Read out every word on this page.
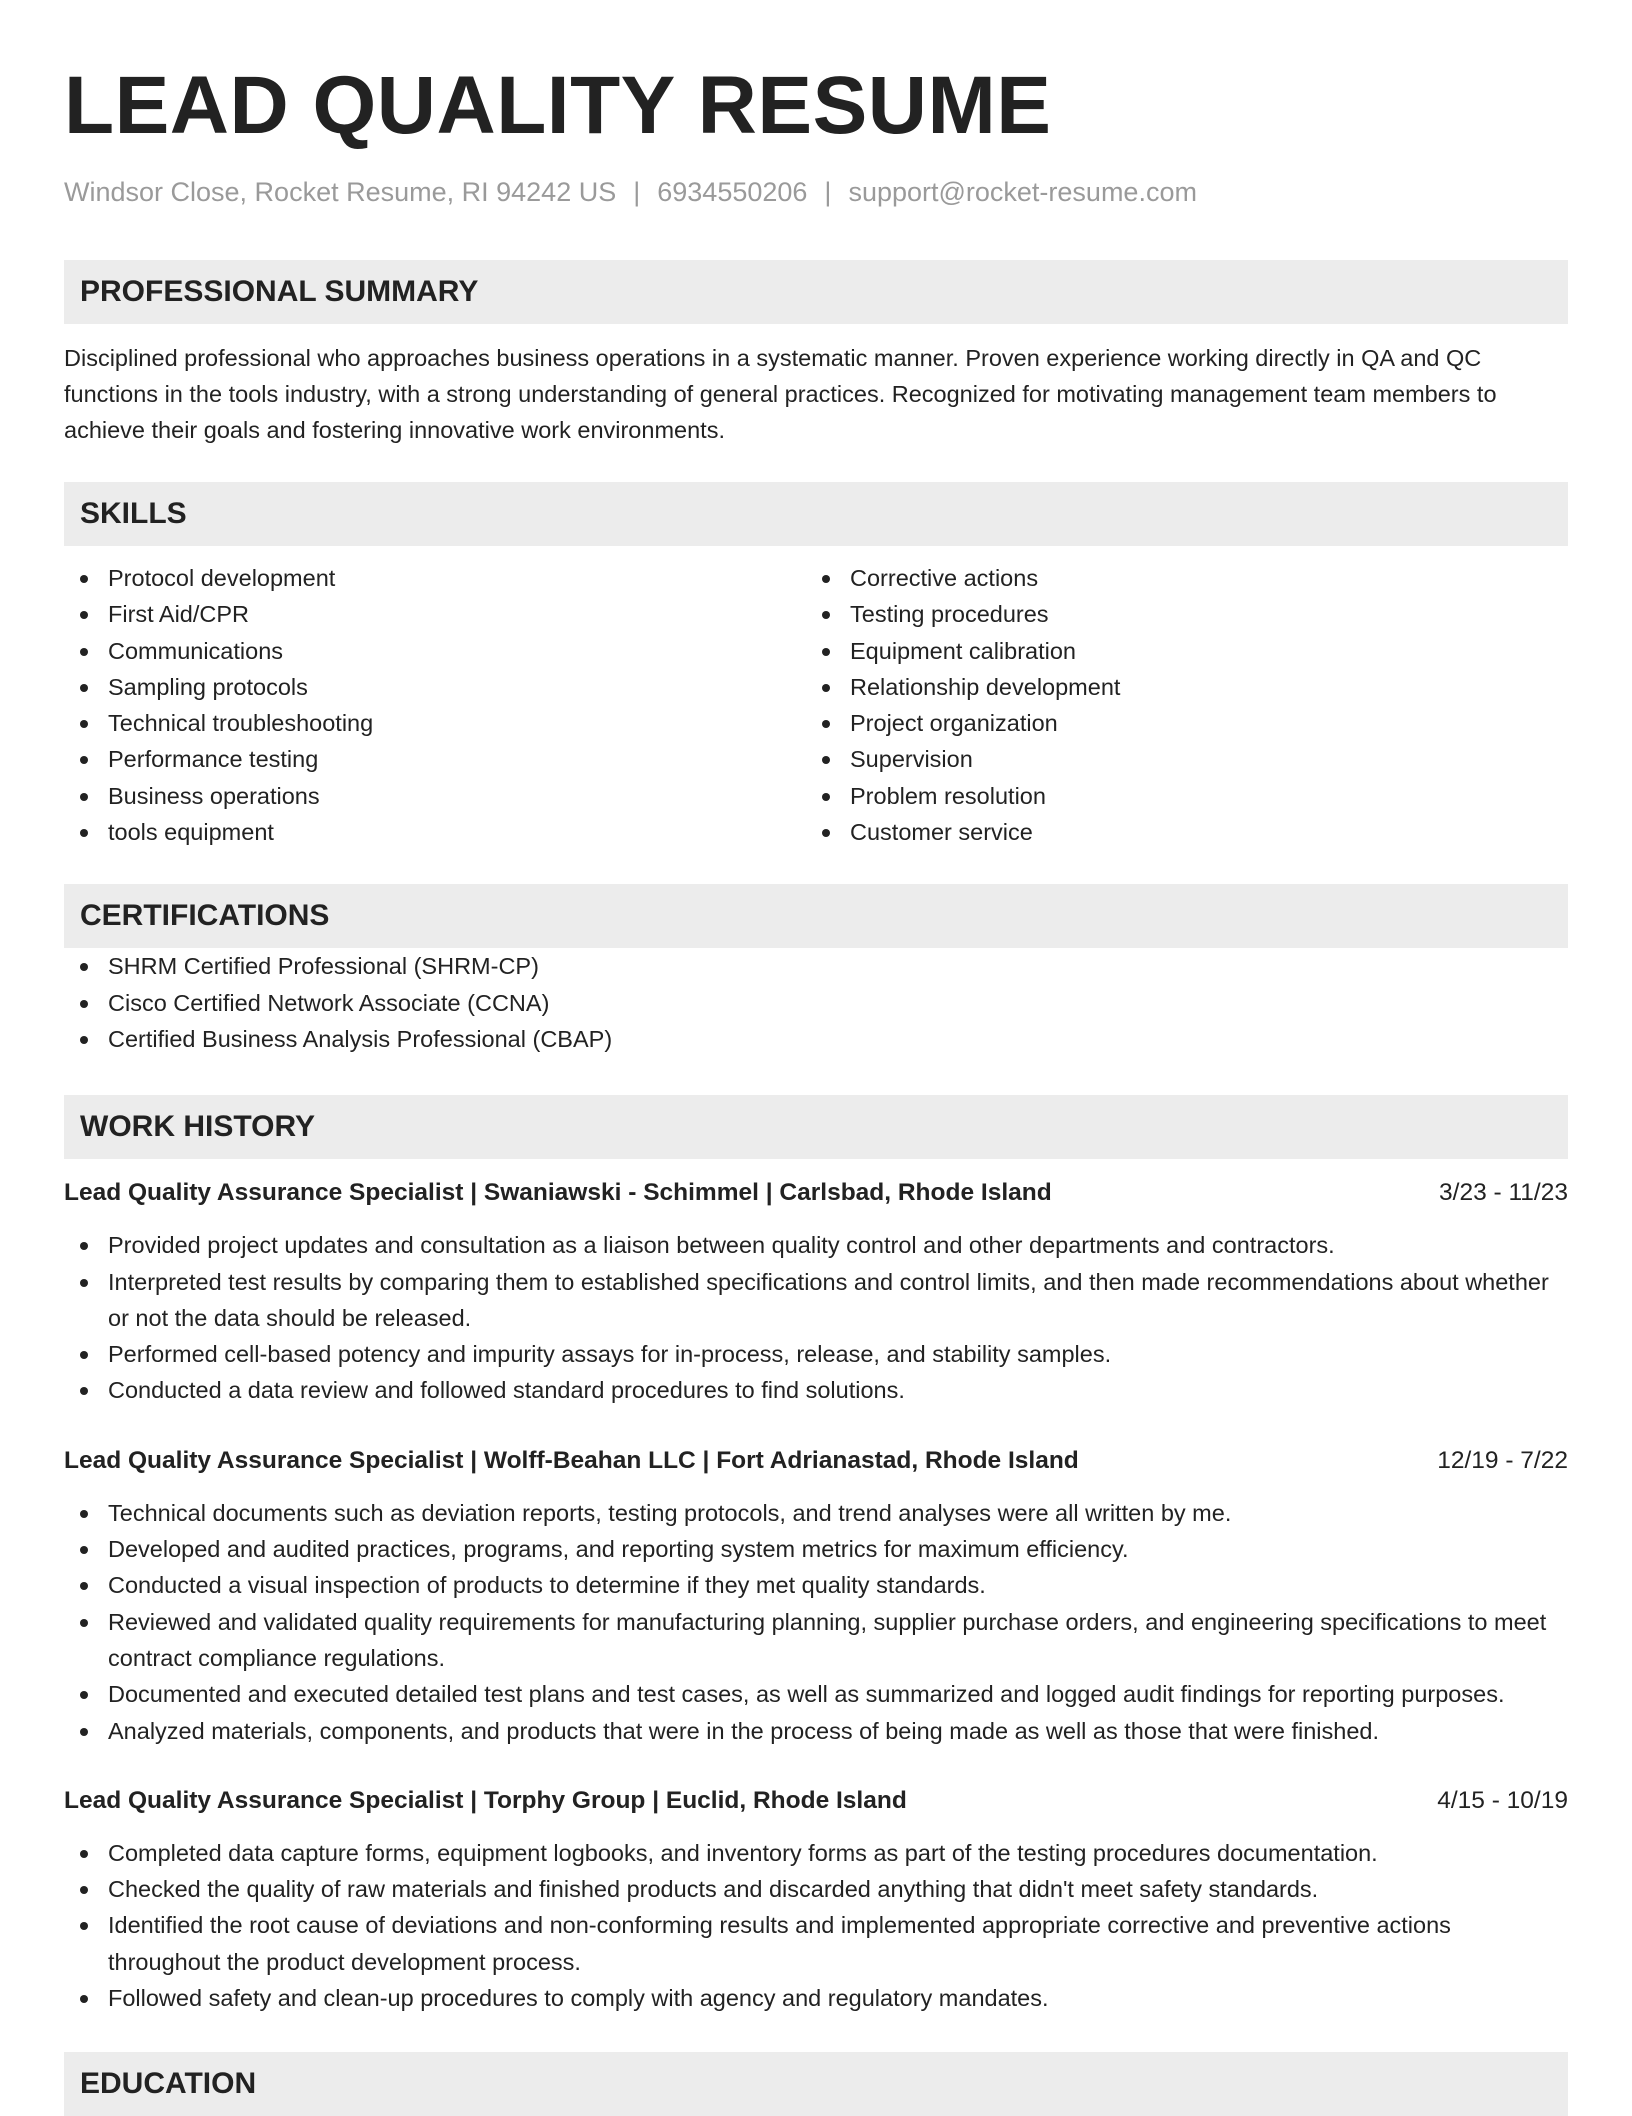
LEAD QUALITY RESUME
Windsor Close, Rocket Resume, RI 94242 US | 6934550206 | support@rocket-resume.com
PROFESSIONAL SUMMARY
Disciplined professional who approaches business operations in a systematic manner. Proven experience working directly in QA and QC functions in the tools industry, with a strong understanding of general practices. Recognized for motivating management team members to achieve their goals and fostering innovative work environments.
SKILLS
Protocol development
First Aid/CPR
Communications
Sampling protocols
Technical troubleshooting
Performance testing
Business operations
tools equipment
Corrective actions
Testing procedures
Equipment calibration
Relationship development
Project organization
Supervision
Problem resolution
Customer service
CERTIFICATIONS
SHRM Certified Professional (SHRM-CP)
Cisco Certified Network Associate (CCNA)
Certified Business Analysis Professional (CBAP)
WORK HISTORY
Lead Quality Assurance Specialist | Swaniawski - Schimmel | Carlsbad, Rhode Island	3/23 - 11/23
Provided project updates and consultation as a liaison between quality control and other departments and contractors.
Interpreted test results by comparing them to established specifications and control limits, and then made recommendations about whether or not the data should be released.
Performed cell-based potency and impurity assays for in-process, release, and stability samples.
Conducted a data review and followed standard procedures to find solutions.
Lead Quality Assurance Specialist | Wolff-Beahan LLC | Fort Adrianastad, Rhode Island	12/19 - 7/22
Technical documents such as deviation reports, testing protocols, and trend analyses were all written by me.
Developed and audited practices, programs, and reporting system metrics for maximum efficiency.
Conducted a visual inspection of products to determine if they met quality standards.
Reviewed and validated quality requirements for manufacturing planning, supplier purchase orders, and engineering specifications to meet contract compliance regulations.
Documented and executed detailed test plans and test cases, as well as summarized and logged audit findings for reporting purposes.
Analyzed materials, components, and products that were in the process of being made as well as those that were finished.
Lead Quality Assurance Specialist | Torphy Group | Euclid, Rhode Island	4/15 - 10/19
Completed data capture forms, equipment logbooks, and inventory forms as part of the testing procedures documentation.
Checked the quality of raw materials and finished products and discarded anything that didn't meet safety standards.
Identified the root cause of deviations and non-conforming results and implemented appropriate corrective and preventive actions throughout the product development process.
Followed safety and clean-up procedures to comply with agency and regulatory mandates.
EDUCATION
